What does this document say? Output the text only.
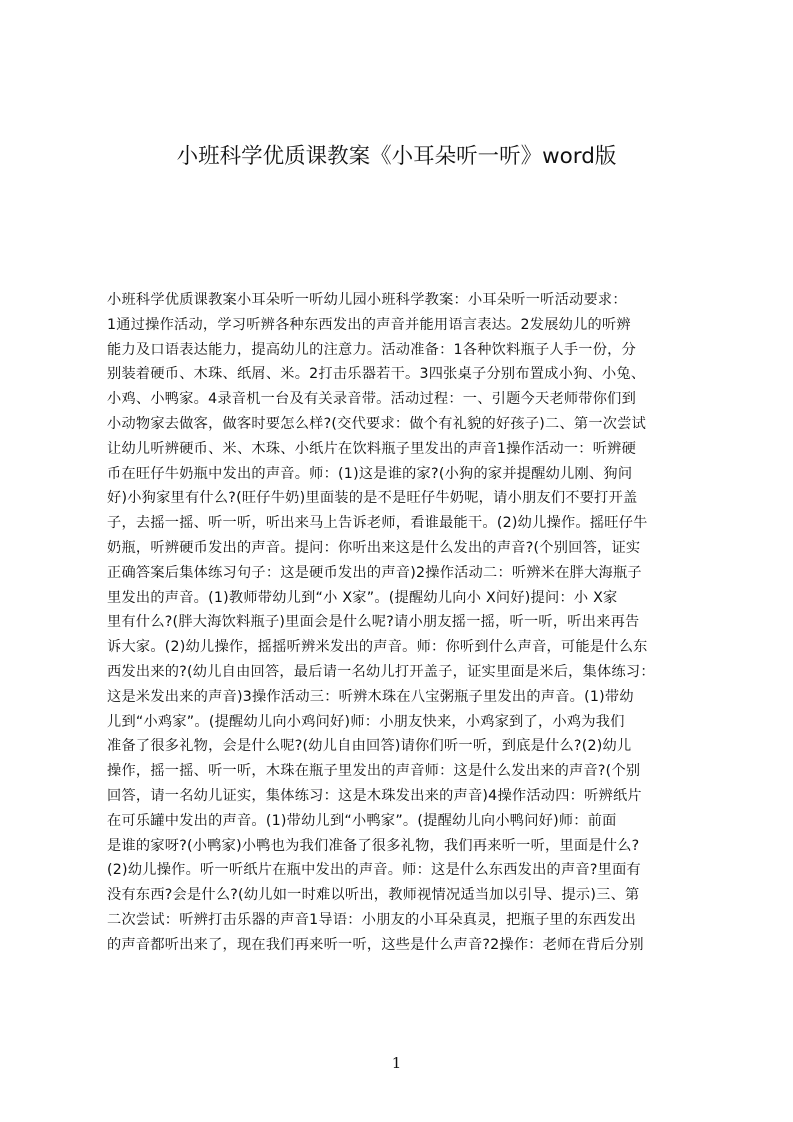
小班科学优质课教案《小耳朵听一听》word版
小班科学优质课教案小耳朵听一听幼儿园小班科学教案：小耳朵听一听活动要求：
1通过操作活动，学习听辨各种东西发出的声音并能用语言表达。2发展幼儿的听辨
能力及口语表达能力，提高幼儿的注意力。活动准备：1各种饮料瓶子人手一份，分
别装着硬币、木珠、纸屑、米。2打击乐器若干。3四张桌子分别布置成小狗、小兔、
小鸡、小鸭家。4录音机一台及有关录音带。活动过程：一、引题今天老师带你们到
小动物家去做客，做客时要怎么样?(交代要求：做个有礼貌的好孩子)二、第一次尝试
让幼儿听辨硬币、米、木珠、小纸片在饮料瓶子里发出的声音1操作活动一：听辨硬
币在旺仔牛奶瓶中发出的声音。师：(1)这是谁的家?(小狗的家并提醒幼儿刚、狗问
好)小狗家里有什么?(旺仔牛奶)里面装的是不是旺仔牛奶呢，请小朋友们不要打开盖
子，去摇一摇、听一听，听出来马上告诉老师，看谁最能干。(2)幼儿操作。摇旺仔牛
奶瓶，听辨硬币发出的声音。提问：你听出来这是什么发出的声音?(个别回答，证实
正确答案后集体练习句子：这是硬币发出的声音)2操作活动二：听辨米在胖大海瓶子
里发出的声音。(1)教师带幼儿到“小 X家”。(提醒幼儿向小 X问好)提问：小 X家
里有什么?(胖大海饮料瓶子)里面会是什么呢?请小朋友摇一摇，听一听，听出来再告
诉大家。(2)幼儿操作，摇摇听辨米发出的声音。师：你听到什么声音，可能是什么东
西发出来的?(幼儿自由回答，最后请一名幼儿打开盖子，证实里面是米后，集体练习：
这是米发出来的声音)3操作活动三：听辨木珠在八宝粥瓶子里发出的声音。(1)带幼
儿到“小鸡家”。(提醒幼儿向小鸡问好)师：小朋友快来，小鸡家到了，小鸡为我们
准备了很多礼物，会是什么呢?(幼儿自由回答)请你们听一听，到底是什么?(2)幼儿
操作，摇一摇、听一听，木珠在瓶子里发出的声音师：这是什么发出来的声音?(个别
回答，请一名幼儿证实，集体练习：这是木珠发出来的声音)4操作活动四：听辨纸片
在可乐罐中发出的声音。(1)带幼儿到“小鸭家”。(提醒幼儿向小鸭问好)师：前面
是谁的家呀?(小鸭家)小鸭也为我们准备了很多礼物，我们再来听一听，里面是什么?
(2)幼儿操作。听一听纸片在瓶中发出的声音。师：这是什么东西发出的声音?里面有
没有东西?会是什么?(幼儿如一时难以听出，教师视情况适当加以引导、提示)三、第
二次尝试：听辨打击乐器的声音1导语：小朋友的小耳朵真灵，把瓶子里的东西发出
的声音都听出来了，现在我们再来听一听，这些是什么声音?2操作：老师在背后分别
1
